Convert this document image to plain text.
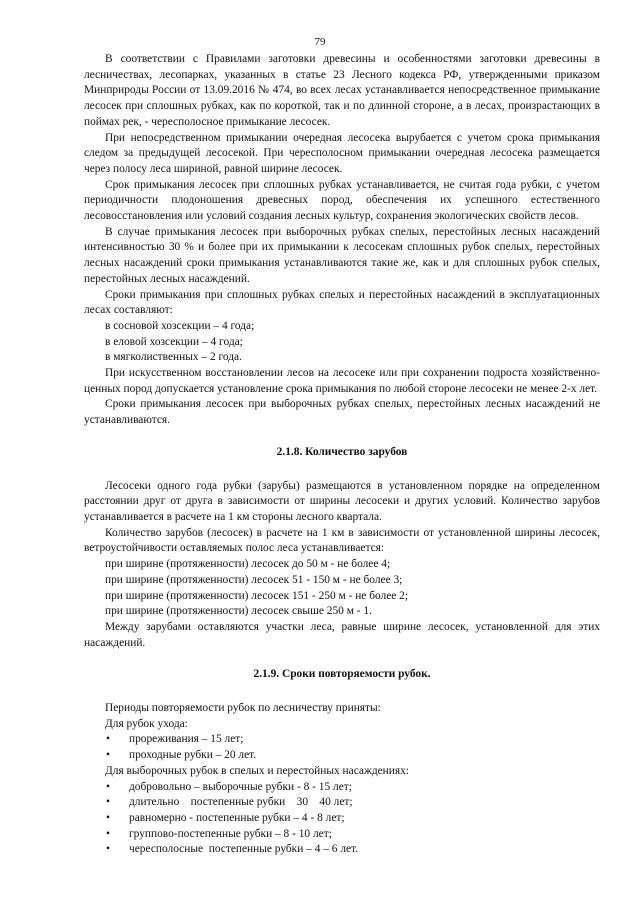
79

В соответствии с Правилами заготовки древесины и особенностями заготовки древесины в лесничествах, лесопарках, указанных в статье 23 Лесного кодекса РФ, утвержденными приказом Минприроды России от 13.09.2016 № 474, во всех лесах устанавливается непосредственное примыкание лесосек при сплошных рубках, как по короткой, так и по длинной стороне, а в лесах, произрастающих в поймах рек, - чересполосное примыкание лесосек.

При непосредственном примыкании очередная лесосека вырубается с учетом срока примыкания следом за предыдущей лесосекой. При чересполосном примыкании очередная лесосека размещается через полосу леса шириной, равной ширине лесосек.

Срок примыкания лесосек при сплошных рубках устанавливается, не считая года рубки, с учетом периодичности плодоношения древесных пород, обеспечения их успешного естественного лесовосстановления или условий создания лесных культур, сохранения экологических свойств лесов.

В случае примыкания лесосек при выборочных рубках спелых, перестойных лесных насаждений интенсивностью 30 % и более при их примыкании к лесосекам сплошных рубок спелых, перестойных лесных насаждений сроки примыкания устанавливаются такие же, как и для сплошных рубок спелых, перестойных лесных насаждений.

Сроки примыкания при сплошных рубках спелых и перестойных насаждений в эксплуатационных лесах составляют:

в сосновой хозсекции – 4 года;

в еловой хозсекции – 4 года;

в мягколиственных – 2 года.

При искусственном восстановлении лесов на лесосеке или при сохранении подроста хозяйственно-ценных пород допускается установление срока примыкания по любой стороне лесосеки не менее 2-х лет.

Сроки примыкания лесосек при выборочных рубках спелых, перестойных лесных насаждений не устанавливаются.

2.1.8. Количество зарубов

Лесосеки одного года рубки (зарубы) размещаются в установленном порядке на определенном расстоянии друг от друга в зависимости от ширины лесосеки и других условий. Количество зарубов устанавливается в расчете на 1 км стороны лесного квартала.

Количество зарубов (лесосек) в расчете на 1 км в зависимости от установленной ширины лесосек, ветроустойчивости оставляемых полос леса устанавливается:

при ширине (протяженности) лесосек до 50 м - не более 4;

при ширине (протяженности) лесосек 51 - 150 м - не более 3;

при ширине (протяженности) лесосек 151 - 250 м - не более 2;

при ширине (протяженности) лесосек свыше 250 м - 1.

Между зарубами оставляются участки леса, равные ширине лесосек, установленной для этих насаждений.

2.1.9. Сроки повторяемости рубок.

Периоды повторяемости рубок по лесничеству приняты:

Для рубок ухода:

• прореживания – 15 лет;

• проходные рубки – 20 лет.

Для выборочных рубок в спелых и перестойных насаждениях:

• добровольно – выборочные рубки - 8 - 15 лет;

• длительно    постепенные рубки    30    40 лет;

• равномерно - постепенные рубки – 4 - 8 лет;

• группово-постепенные рубки – 8 - 10 лет;

• чересполосные  постепенные рубки – 4 – 6 лет.
